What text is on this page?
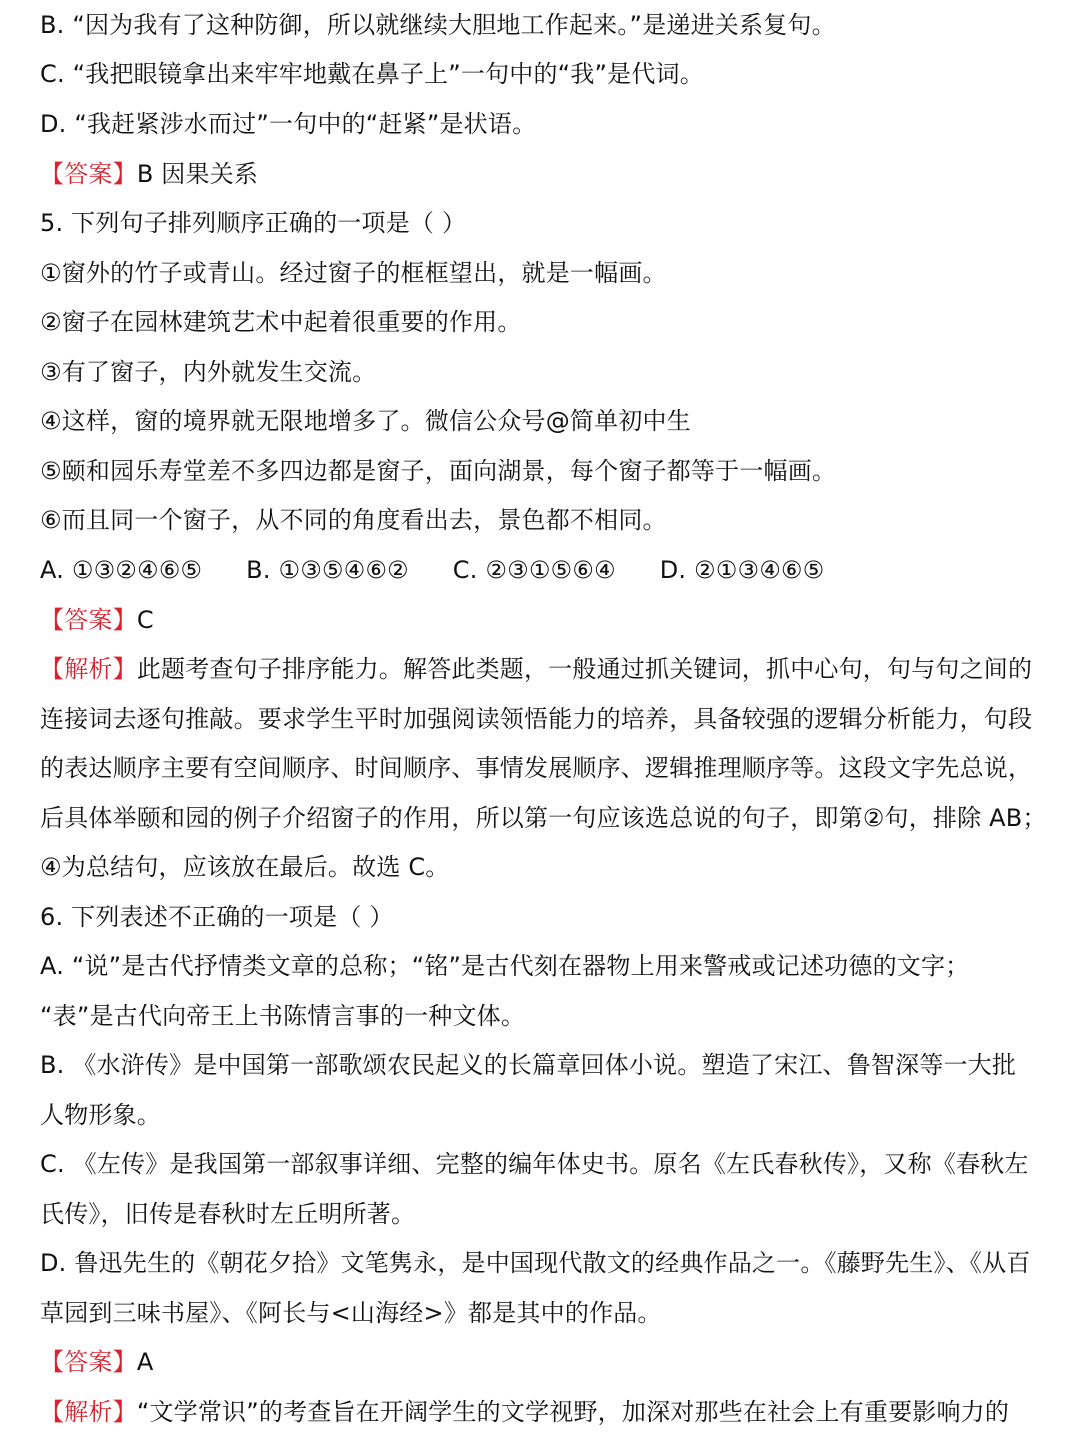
B. “因为我有了这种防御，所以就继续大胆地工作起来。”是递进关系复句。
C. “我把眼镜拿出来牢牢地戴在鼻子上”一句中的“我”是代词。
D. “我赶紧涉水而过”一句中的“赶紧”是状语。
【答案】B 因果关系
5. 下列句子排列顺序正确的一项是（ ）
①窗外的竹子或青山。经过窗子的框框望出，就是一幅画。
②窗子在园林建筑艺术中起着很重要的作用。
③有了窗子，内外就发生交流。
④这样，窗的境界就无限地增多了。微信公众号@简单初中生
⑤颐和园乐寿堂差不多四边都是窗子，面向湖景，每个窗子都等于一幅画。
⑥而且同一个窗子，从不同的角度看出去，景色都不相同。
A. ①③②④⑥⑤ B. ①③⑤④⑥② C. ②③①⑤⑥④ D. ②①③④⑥⑤
【答案】C
【解析】此题考查句子排序能力。解答此类题，一般通过抓关键词，抓中心句，句与句之间的
连接词去逐句推敲。要求学生平时加强阅读领悟能力的培养，具备较强的逻辑分析能力，句段
的表达顺序主要有空间顺序、时间顺序、事情发展顺序、逻辑推理顺序等。这段文字先总说，
后具体举颐和园的例子介绍窗子的作用，所以第一句应该选总说的句子，即第②句，排除 AB；
④为总结句，应该放在最后。故选 C。
6. 下列表述不正确的一项是（ ）
A. “说”是古代抒情类文章的总称；“铭”是古代刻在器物上用来警戒或记述功德的文字；
“表”是古代向帝王上书陈情言事的一种文体。
B. 《水浒传》是中国第一部歌颂农民起义的长篇章回体小说。塑造了宋江、鲁智深等一大批
人物形象。
C. 《左传》是我国第一部叙事详细、完整的编年体史书。原名《左氏春秋传》，又称《春秋左
氏传》，旧传是春秋时左丘明所著。
D. 鲁迅先生的《朝花夕拾》文笔隽永，是中国现代散文的经典作品之一。《藤野先生》、《从百
草园到三味书屋》、《阿长与<山海经>》都是其中的作品。
【答案】A
【解析】“文学常识”的考查旨在开阔学生的文学视野，加深对那些在社会上有重要影响力的
